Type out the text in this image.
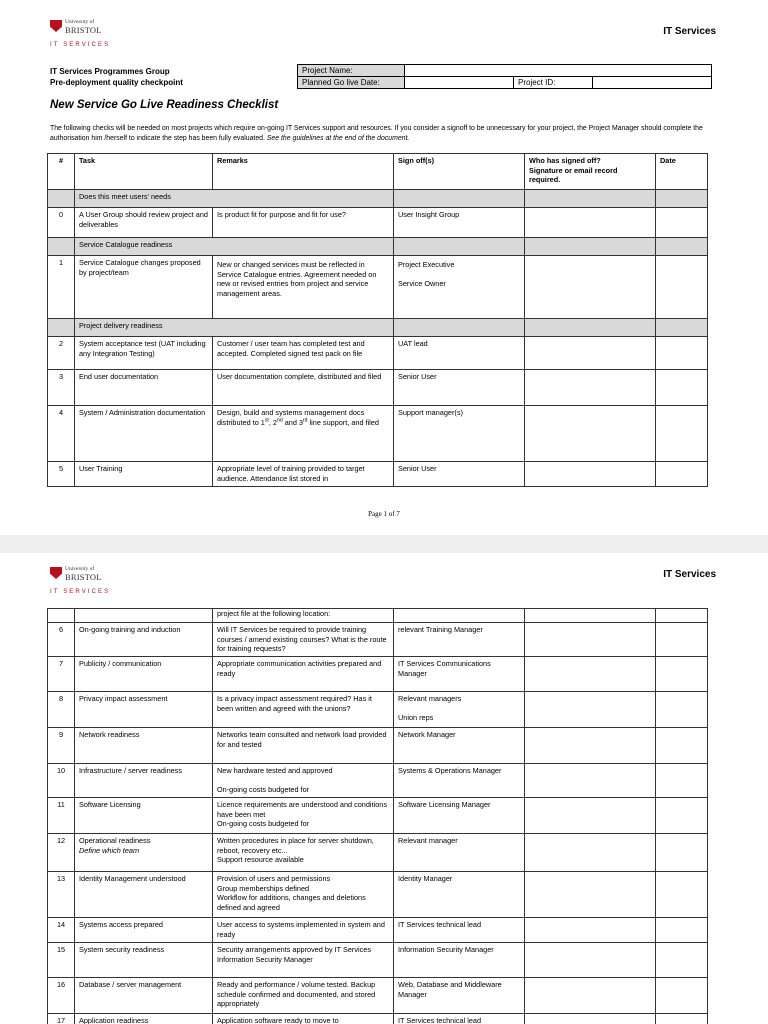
University of
BRISTOL
IT SERVICES
IT Services
IT Services Programmes Group
Pre-deployment quality checkpoint
Project Name:			
Planned Go live Date:		Project ID:	
New Service Go Live Readiness Checklist
The following checks will be needed on most projects which require on-going IT Services support and resources. If you consider a signoff to be unnecessary for your project, the Project Manager should complete the authorisation him /herself to indicate the step has been fully evaluated. See the guidelines at the end of the document.
#	Task	Remarks	Sign off(s)	Who has signed off?
Signature or email record
required.	Date
	Does this meet users' needs				
0	A User Group should review project and deliverables	Is product fit for purpose and fit for use?	User Insight Group		
	Service Catalogue readiness				
1	Service Catalogue changes proposed by project/team	New or changed services must be reflected in Service Catalogue entries. Agreement needed on new or revised entries from project and service management areas.	Project Executive
Service Owner		

	Project delivery readiness				
2	System acceptance test (UAT including any Integration Testing)	Customer / user team has completed test and accepted. Completed signed test pack on file	UAT lead		
3	End user documentation	User documentation complete, distributed and filed	Senior User		
4	System / Administration documentation	Design, build and systems management docs distributed to 1st, 2nd and 3rd line support, and filed	Support manager(s)		
5	User Training	Appropriate level of training provided to target audience. Attendance list stored in	Senior User		
Page 1 of 7
University of
BRISTOL
IT SERVICES
IT Services
		project file at the following location:			
6	On-going training and induction	Will IT Services be required to provide training courses / amend existing courses? What is the route for training requests?	relevant Training Manager		
7	Publicity / communication	Appropriate communication activities prepared and ready	IT Services Communications Manager		
8	Privacy impact assessment	Is a privacy impact assessment required? Has it been written and agreed with the unions?	Relevant managers
Union reps		

9	Network readiness	Networks team consulted and network load provided for and tested	Network Manager		
10	Infrastructure / server readiness	New hardware tested and approved
On-going costs budgeted for	Systems & Operations Manager		
11	Software Licensing	Licence requirements are understood and conditions have been met
On-going costs budgeted for	Software Licensing Manager		
12	Operational readiness
Define which team	Written procedures in place for server shutdown, reboot, recovery etc...
Support resource available	Relevant manager		
13	Identity Management understood	Provision of users and permissions
Group memberships defined
Workflow for additions, changes and deletions defined and agreed	Identity Manager		
14	Systems access prepared	User access to systems implemented in system and ready	IT Services technical lead		
15	System security readiness	Security arrangements approved by IT Services Information Security Manager	Information Security Manager		
16	Database / server management	Ready and performance / volume tested. Backup schedule confirmed and documented, and stored appropriately	Web, Database and Middleware Manager		
17	Application readiness	Application software ready to move to	IT Services technical lead		
